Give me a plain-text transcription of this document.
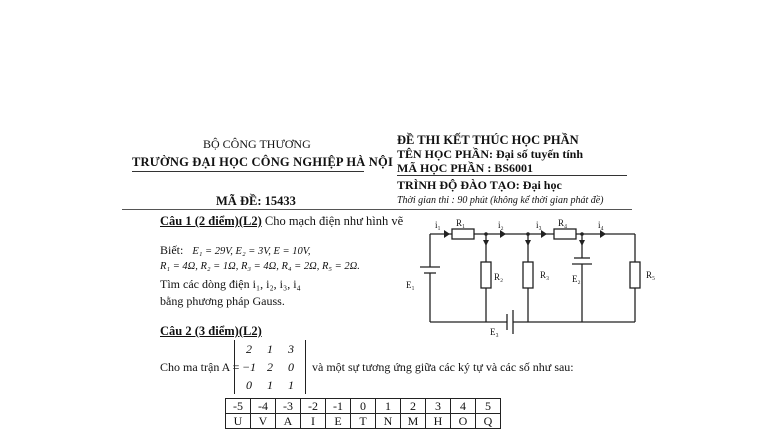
BỘ CÔNG THƯƠNG
TRƯỜNG ĐẠI HỌC CÔNG NGHIỆP HÀ NỘI
MÃ ĐỀ: 15433
ĐỀ THI KẾT THÚC HỌC PHẦN
TÊN HỌC PHẦN: Đại số tuyến tính
MÃ HỌC PHẦN : BS6001
TRÌNH ĐỘ ĐÀO TẠO: Đại học
Thời gian thi : 90 phút (không kể thời gian phát đề)
Câu 1 (2 điểm)(L2) Cho mạch điện như hình vẽ
Biết: E₁ = 29V, E₂ = 3V, E = 10V,
R₁ = 4Ω, R₂ = 1Ω, R₃ = 4Ω, R₄ = 2Ω, R₅ = 2Ω.
Tìm các dòng điện i₁, i₂, i₃, i₄
bằng phương pháp Gauss.
i₁ R₁	i₂	i₃ R₄	i₄
R₂	R₃	R₅
E₁
E₂
E₃
Câu 2 (3 điểm)(L2)
Cho ma trận A =
2	1	3
−1 2	0
0	1	1
và một sự tương ứng giữa các ký tự và các số như sau:
-5	-4	-3	-2	-1	0	1	2	3	4	5
U	V	A	I	E	T	N	M	H	O	Q
